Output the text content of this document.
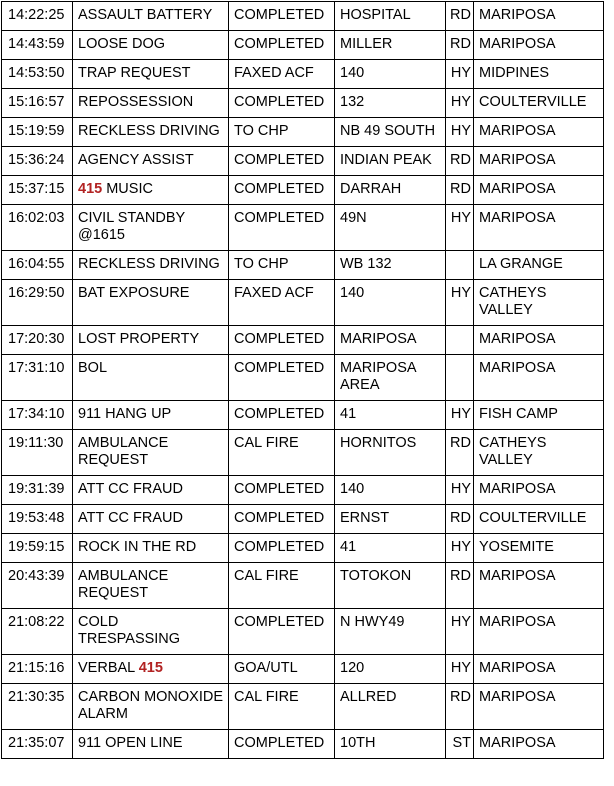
14:22:25	ASSAULT BATTERY	COMPLETED	HOSPITAL	RD	MARIPOSA
14:43:59	LOOSE DOG	COMPLETED	MILLER	RD	MARIPOSA
14:53:50	TRAP REQUEST	FAXED ACF	140	HY	MIDPINES
15:16:57	REPOSSESSION	COMPLETED	132	HY	COULTERVILLE
15:19:59	RECKLESS DRIVING	TO CHP	NB 49 SOUTH	HY	MARIPOSA
15:36:24	AGENCY ASSIST	COMPLETED	INDIAN PEAK	RD	MARIPOSA
15:37:15	415 MUSIC	COMPLETED	DARRAH	RD	MARIPOSA
16:02:03	CIVIL STANDBY @1615	COMPLETED	49N	HY	MARIPOSA
16:04:55	RECKLESS DRIVING	TO CHP	WB 132		LA GRANGE
16:29:50	BAT EXPOSURE	FAXED ACF	140	HY	CATHEYS VALLEY
17:20:30	LOST PROPERTY	COMPLETED	MARIPOSA		MARIPOSA
17:31:10	BOL	COMPLETED	MARIPOSA AREA		MARIPOSA
17:34:10	911 HANG UP	COMPLETED	41	HY	FISH CAMP
19:11:30	AMBULANCE REQUEST	CAL FIRE	HORNITOS	RD	CATHEYS VALLEY
19:31:39	ATT CC FRAUD	COMPLETED	140	HY	MARIPOSA
19:53:48	ATT CC FRAUD	COMPLETED	ERNST	RD	COULTERVILLE
19:59:15	ROCK IN THE RD	COMPLETED	41	HY	YOSEMITE
20:43:39	AMBULANCE REQUEST	CAL FIRE	TOTOKON	RD	MARIPOSA
21:08:22	COLD TRESPASSING	COMPLETED	N HWY49	HY	MARIPOSA
21:15:16	VERBAL 415	GOA/UTL	120	HY	MARIPOSA
21:30:35	CARBON MONOXIDE ALARM	CAL FIRE	ALLRED	RD	MARIPOSA
21:35:07	911 OPEN LINE	COMPLETED	10TH	ST	MARIPOSA
